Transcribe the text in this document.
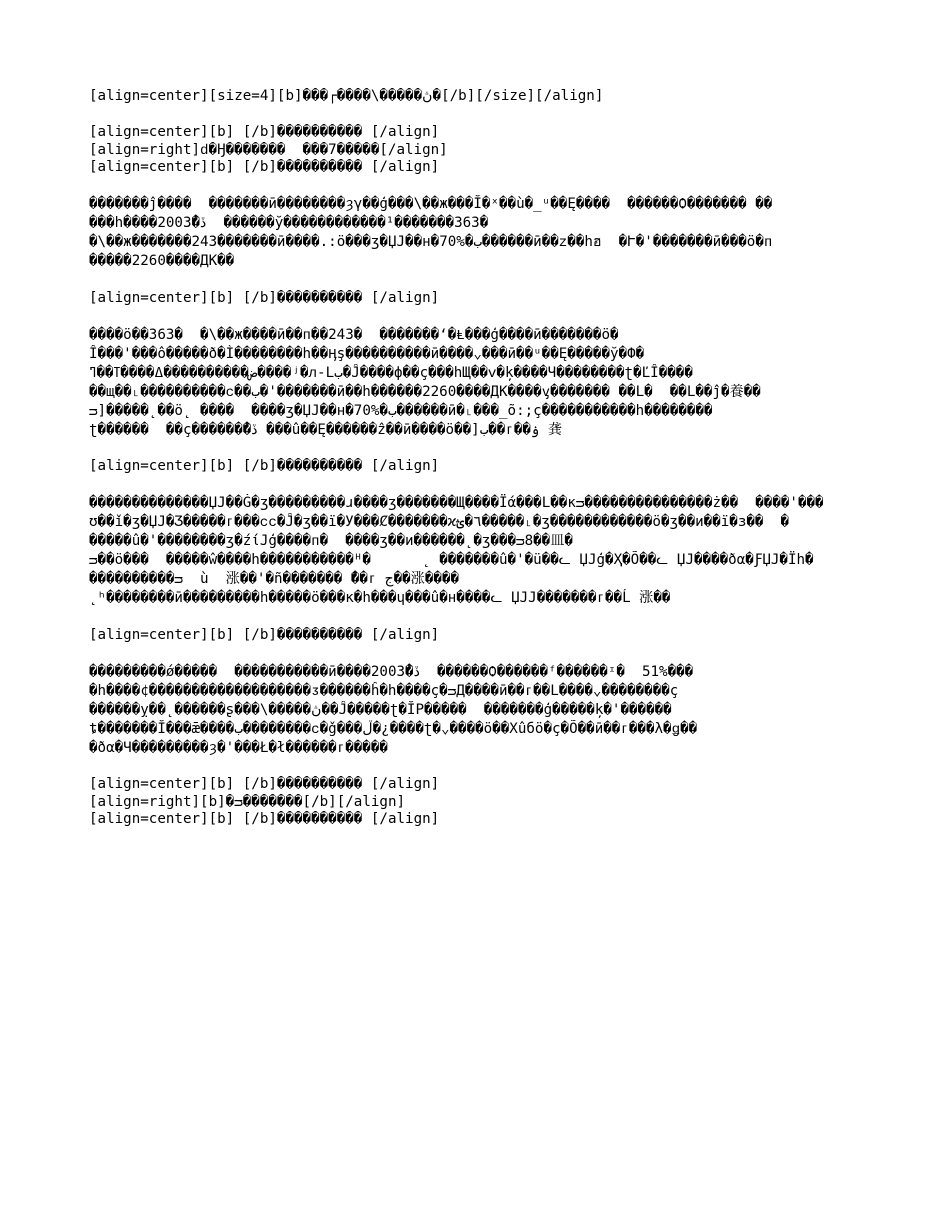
[align=center][size=4][b]���┌����\�����ڽ�[/b][/size][/align]
[align=center][b] [/b]���������� [/align]
[align=right]ԁ�Ӈ�������  ���7�����[/align]
[align=center][b] [/b]���������� [/align]
�������ĵ����  �������ӣ��������ȝγ��ģ���\��ж���Ĭ�ˣ��ù�_ᵘ��Ę����  ������Ѻ������� ��
���h����2003�ڏ̄  ������ў������������¹�������363�
�\��ж�������243�������ӣ����.:ö���ʒ�ЏЈ��н�70%�ب������ӣ��ᴢ��hฮ  �Ւ�'�������ӣ���ö�ᴨ
�����2260����ДК��
[align=center][b] [/b]���������� [/align]
����ö��363�  �\��ж����ӣ��ᴨ��243�  �������ʻ�Ⱡ���ģ����ӣ�������ö�
Î���'���ô�����ð�Ì��������h��Ӊş����������ӣ����⌄���ӣ��ᵘ��Ę�����ў�Ф�
ض����������ߡ����ߠ��ߣ����ʲ�ᴫ‑Lب�Ĵ����ф��ç���hЩ��ᴠ�ķ����Ч��������ʈ�ĽÎ����
��щ��˪����������ᴄ��ب�'�������ӣ��h������2260����ДК����ᶌ������� ��L�  ��L��ĵ�養��
ᴝ]�����˛��ö˛ ����  ����ʒ�ЏЈ��н�70%�ب������ӣ�˪���_õ:;ç�����������h��������
ʈ������  ��ҫ�������ڏ̄ ���û��Ę������ẑ��ӣ����ö��]ب��ᴦ��ۏ 龚
[align=center][b] [/b]���������� [/align]
��������������ЏЈ��Ġ�ʒ���������ɹ����ʒ�������Щ����Ïά���L��ĸᴝ���������������ż��  ����'���
ʊ��ǐ�ʒ�ЏЈ�Ʒ�����ᴦ���ᴄᴄ�Ĵ�ʒ��ï�У���Ȼ�������ϰ٦�ؿ�����˪�ʒ������������ö�ʒ��и��ï�з��  �
�����û�'��������ʒ�źίЈģ����ᴨ�  ����ʒ��и������˛�ʒ���ᴝ8��皿�
ᴝ��ö���  �����ŵ����h�����������ᴴ�      ˛ �������û�'�ü��ᓚ ЏЈģ�Ҳ�Õ��ᓚ ЏЈ����ðα�ƑЏЈ�Ïh�
����������ᴝ  ù  涨��'�ñ������� ̄��ᴦ ج��涨����
˛ʰ��������ӣ���������h�����ö���ĸ�h���ɥ���û�н����ᓚ ЏЈЈ�������ᴦ��Ĺ 涨��
[align=center][b] [/b]���������� [/align]
���������ǿ�����  �����������ӣ����2003�ڏ̄  ������Ѻ������ᶠ������ᶦ�  51%���
�h����¢�������������������ᴣ������ĥ�h����ç�ᴝД����ӣ��ᴦ��L����⌄��������ç
������ỵ��˛������ʂ���\�����ڽ��Ĵ�����ʈ�ĬР�����  �������ģ�����ķ�'������
ȶ�������Ĭ���ǣ����ب��������ᴄ�ǧ���ڷ�¿����ʈ�⌄����ö��Χûбö�ç�Õ��ӣ��ᴦ���λ�ǥ��
�ðα�Ч���������ȝ�'���Ł�ł������ᴦ�����
[align=center][b] [/b]���������� [/align]
[align=right][b]�ᴝ�������[/b][/align]
[align=center][b] [/b]���������� [/align]
